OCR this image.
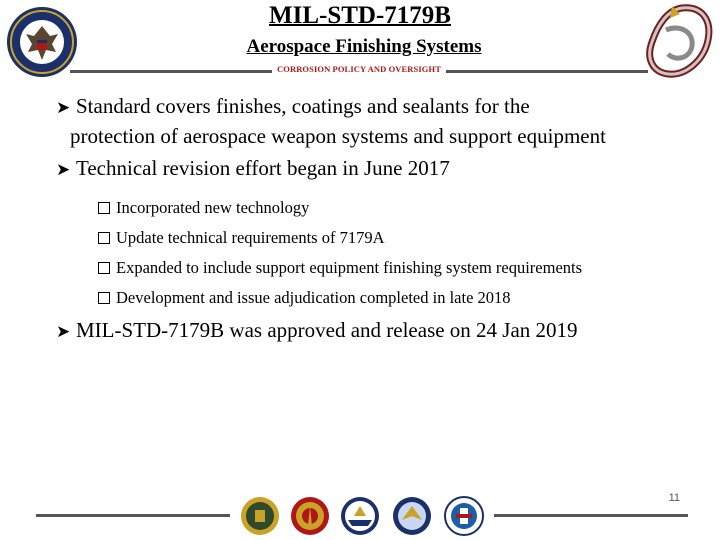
MIL-STD-7179B
Aerospace Finishing Systems
CORROSION POLICY AND OVERSIGHT
➤ Standard covers finishes, coatings and sealants for the
protection of aerospace weapon systems and support equipment
➤ Technical revision effort began in June 2017
Incorporated new technology
Update technical requirements of 7179A
Expanded to include support equipment finishing system requirements
Development and issue adjudication completed in late 2018
➤ MIL-STD-7179B was approved and release on 24 Jan 2019
11
